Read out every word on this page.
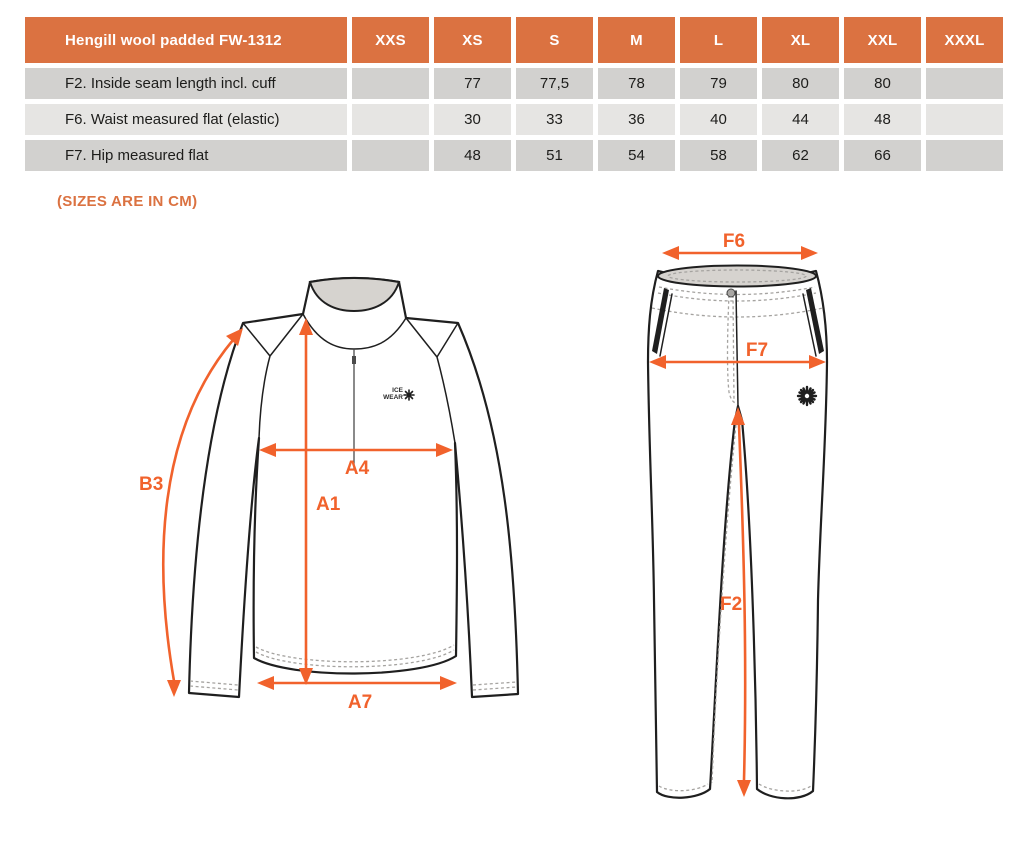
Hengill wool padded FW-1312	XXS	XS	S	M	L	XL	XXL	XXXL
F2. Inside seam length incl. cuff		77	77,5	78	79	80	80	
F6. Waist measured flat (elastic)		30	33	36	40	44	48	
F7. Hip measured flat		48	51	54	58	62	66	
(SIZES ARE IN CM)
ICE
WEAR
B3
A4
A1
A7
F6
F7
F2
